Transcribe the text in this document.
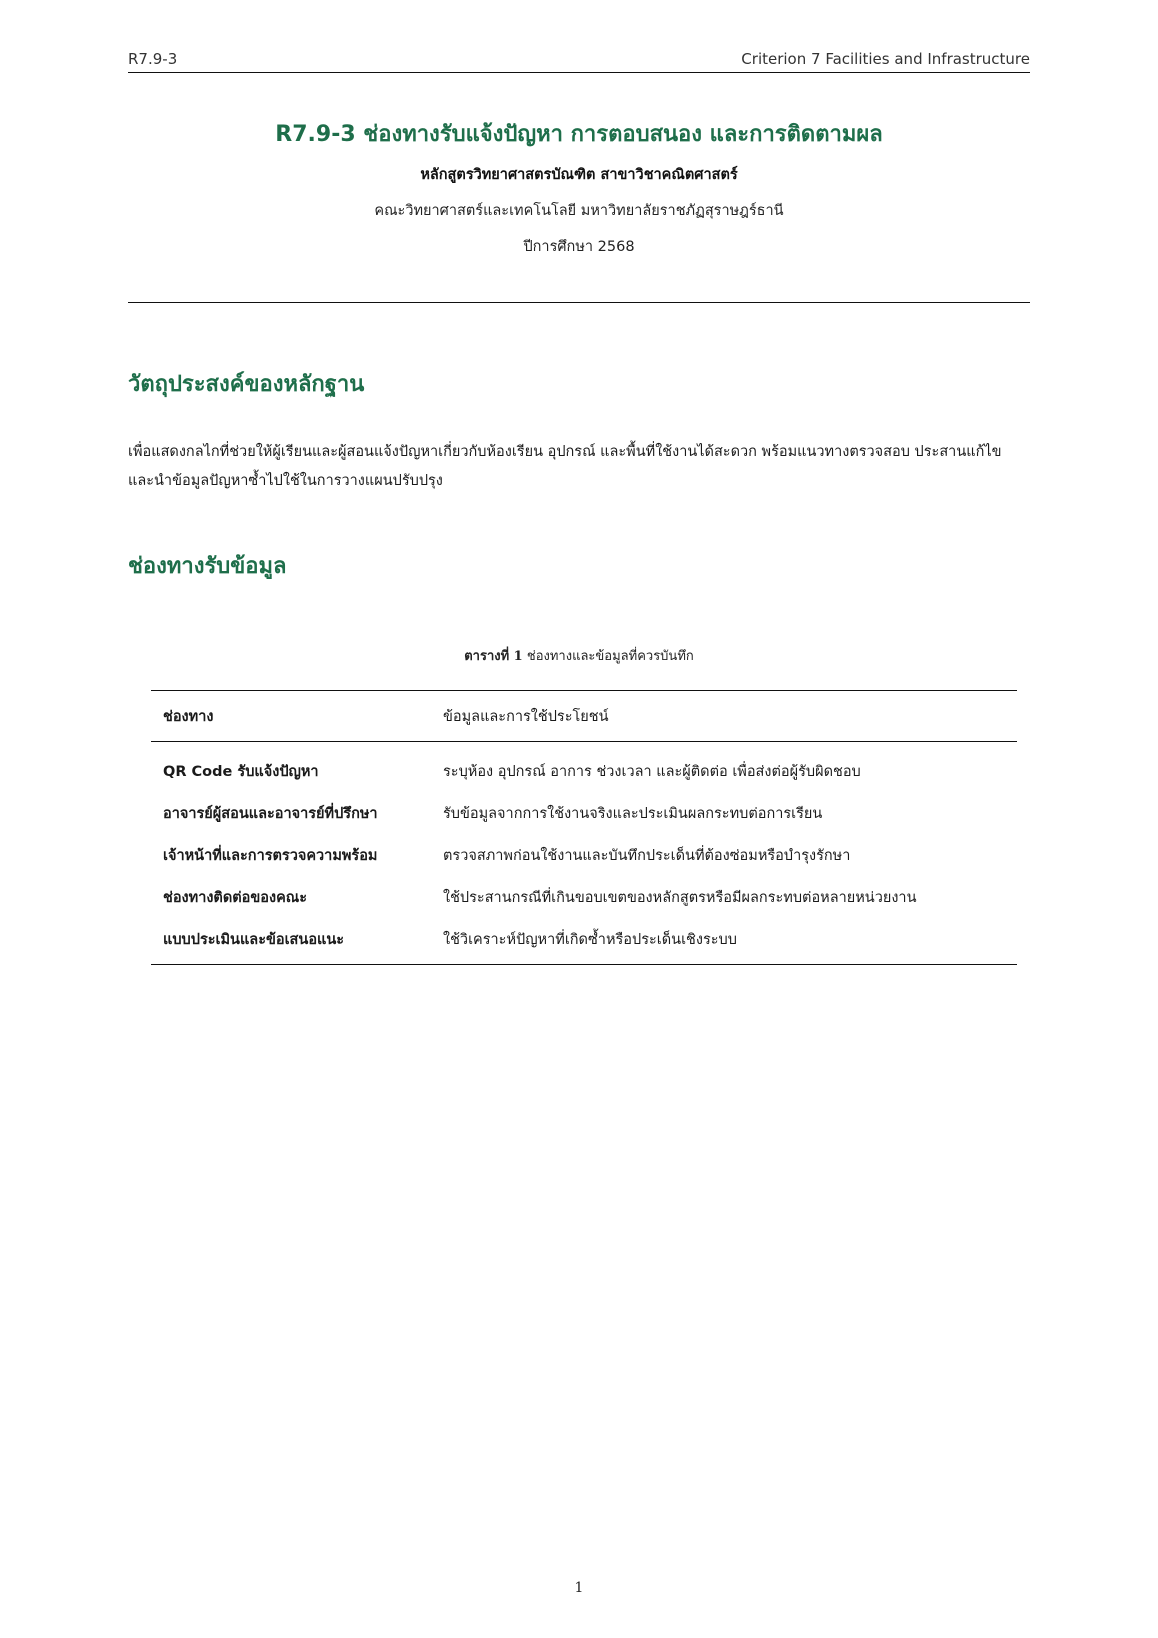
R7.9-3	Criterion 7 Facilities and Infrastructure
R7.9-3 ช่องทางรับแจ้งปัญหา การตอบสนอง และการติดตามผล
หลักสูตรวิทยาศาสตรบัณฑิต สาขาวิชาคณิตศาสตร์
คณะวิทยาศาสตร์และเทคโนโลยี มหาวิทยาลัยราชภัฏสุราษฎร์ธานี
ปีการศึกษา 2568
วัตถุประสงค์ของหลักฐาน

เพื่อแสดงกลไกที่ช่วยให้ผู้เรียนและผู้สอนแจ้งปัญหาเกี่ยวกับห้องเรียน อุปกรณ์ และพื้นที่ใช้งานได้สะดวก พร้อมแนวทางตรวจสอบ ประสานแก้ไข และนำข้อมูลปัญหาซ้ำไปใช้ในการวางแผนปรับปรุง

ช่องทางรับข้อมูล
ตารางที่ 1 ช่องทางและข้อมูลที่ควรบันทึก
ช่องทาง	ข้อมูลและการใช้ประโยชน์
QR Code รับแจ้งปัญหา	ระบุห้อง อุปกรณ์ อาการ ช่วงเวลา และผู้ติดต่อ เพื่อส่งต่อผู้รับผิดชอบ
อาจารย์ผู้สอนและอาจารย์ที่ปรึกษา	รับข้อมูลจากการใช้งานจริงและประเมินผลกระทบต่อการเรียน
เจ้าหน้าที่และการตรวจความพร้อม	ตรวจสภาพก่อนใช้งานและบันทึกประเด็นที่ต้องซ่อมหรือบำรุงรักษา
ช่องทางติดต่อของคณะ	ใช้ประสานกรณีที่เกินขอบเขตของหลักสูตรหรือมีผลกระทบต่อหลายหน่วยงาน
แบบประเมินและข้อเสนอแนะ	ใช้วิเคราะห์ปัญหาที่เกิดซ้ำหรือประเด็นเชิงระบบ
1
